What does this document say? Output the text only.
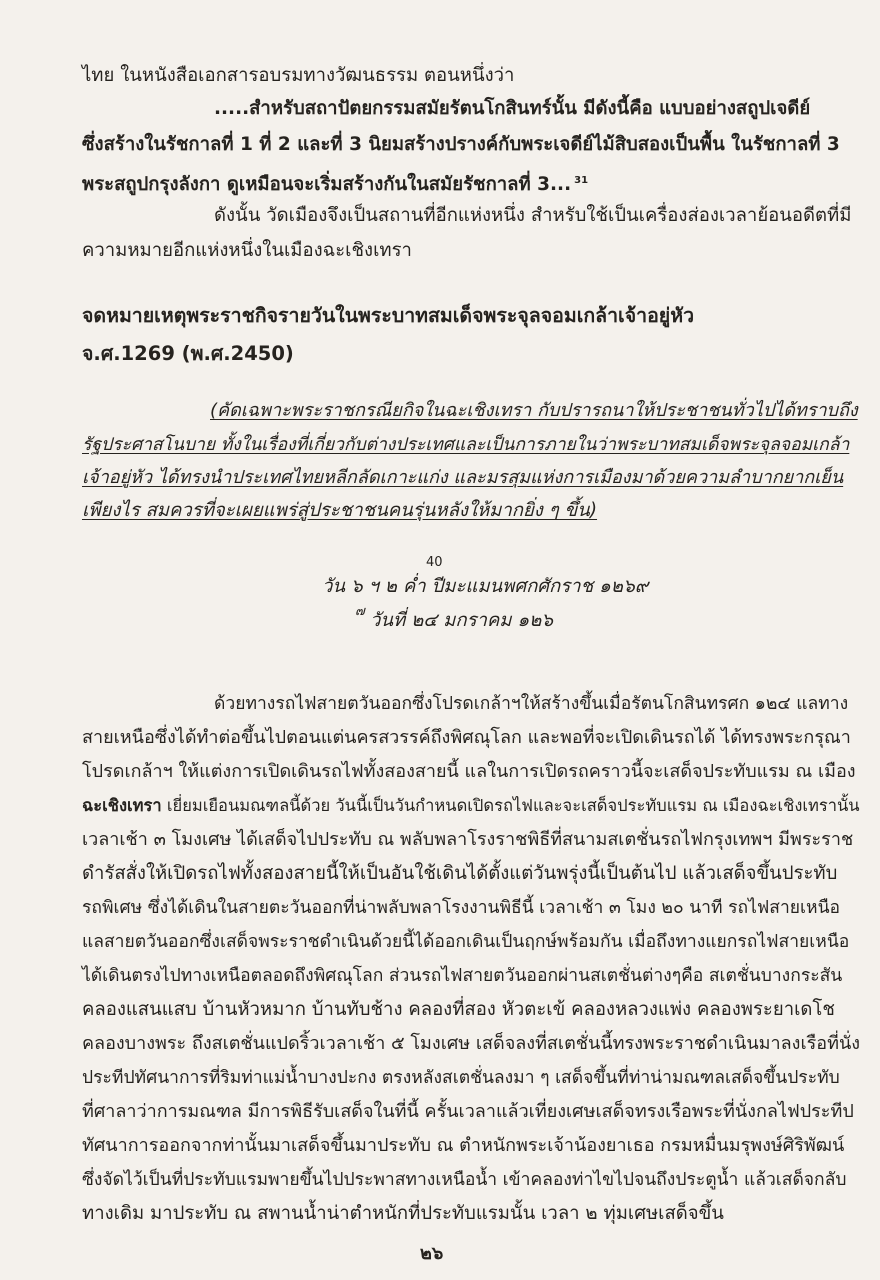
ไทย ในหนังสือเอกสารอบรมทางวัฒนธรรม ตอนหนึ่งว่า
.....สำหรับสถาปัตยกรรมสมัยรัตนโกสินทร์นั้น มีดังนี้คือ แบบอย่างสถูปเจดีย์
ซึ่งสร้างในรัชกาลที่ 1 ที่ 2 และที่ 3 นิยมสร้างปรางค์กับพระเจดีย์ไม้สิบสองเป็นพื้น ในรัชกาลที่ 3
พระสถูปกรุงลังกา ดูเหมือนจะเริ่มสร้างกันในสมัยรัชกาลที่ 3... $^{31}$
ดังนั้น วัดเมืองจึงเป็นสถานที่อีกแห่งหนึ่ง สำหรับใช้เป็นเครื่องส่องเวลาย้อนอดีตที่มี
ความหมายอีกแห่งหนึ่งในเมืองฉะเชิงเทรา
จดหมายเหตุพระราชกิจรายวันในพระบาทสมเด็จพระจุลจอมเกล้าเจ้าอยู่หัว
จ.ศ.1269 (พ.ศ.2450)
(คัดเฉพาะพระราชกรณียกิจในฉะเชิงเทรา กับปรารถนาให้ประชาชนทั่วไปได้ทราบถึง
รัฐประศาสโนบาย ทั้งในเรื่องที่เกี่ยวกับต่างประเทศและเป็นการภายในว่าพระบาทสมเด็จพระจุลจอมเกล้า
เจ้าอยู่หัว ได้ทรงนำประเทศไทยหลีกลัดเกาะแก่ง และมรสุมแห่งการเมืองมาด้วยความลำบากยากเย็น
เพียงไร สมควรที่จะเผยแพร่สู่ประชาชนคนรุ่นหลังให้มากยิ่ง ๆ ขึ้น)
40
วัน ๖ ฯ ๒ ค่ำ ปีมะแมนพศกศักราช ๑๒๖๙
๗ วันที่ ๒๔ มกราคม ๑๒๖
ด้วยทางรถไฟสายตวันออกซึ่งโปรดเกล้าฯให้สร้างขึ้นเมื่อรัตนโกสินทรศก ๑๒๔ แลทาง
สายเหนือซึ่งได้ทำต่อขึ้นไปตอนแต่นครสวรรค์ถึงพิศณุโลก และพอที่จะเปิดเดินรถได้ ได้ทรงพระกรุณา
โปรดเกล้าฯ ให้แต่งการเปิดเดินรถไฟทั้งสองสายนี้ แลในการเปิดรถคราวนี้จะเสด็จประทับแรม ณ เมือง
ฉะเชิงเทรา เยี่ยมเยือนมณฑลนี้ด้วย วันนี้เป็นวันกำหนดเปิดรถไฟและจะเสด็จประทับแรม ณ เมืองฉะเชิงเทรานั้น
เวลาเช้า ๓ โมงเศษ ได้เสด็จไปประทับ ณ พลับพลาโรงราชพิธีที่สนามสเตชั่นรถไฟกรุงเทพฯ มีพระราช
ดำรัสสั่งให้เปิดรถไฟทั้งสองสายนี้ให้เป็นอันใช้เดินได้ตั้งแต่วันพรุ่งนี้เป็นต้นไป แล้วเสด็จขึ้นประทับ
รถพิเศษ ซึ่งได้เดินในสายตะวันออกที่น่าพลับพลาโรงงานพิธีนี้ เวลาเช้า ๓ โมง ๒๐ นาที รถไฟสายเหนือ
แลสายตวันออกซึ่งเสด็จพระราชดำเนินด้วยนี้ได้ออกเดินเป็นฤกษ์พร้อมกัน เมื่อถึงทางแยกรถไฟสายเหนือ
ได้เดินตรงไปทางเหนือตลอดถึงพิศณุโลก ส่วนรถไฟสายตวันออกผ่านสเตชั่นต่างๆคือ สเตชั่นบางกระสัน
คลองแสนแสบ บ้านหัวหมาก บ้านทับช้าง คลองที่สอง หัวตะเข้ คลองหลวงแพ่ง คลองพระยาเดโช
คลองบางพระ ถึงสเตชั่นแปดริ้วเวลาเช้า ๕ โมงเศษ เสด็จลงที่สเตชั่นนี้ทรงพระราชดำเนินมาลงเรือที่นั่ง
ประทีปทัศนาการที่ริมท่าแม่น้ำบางปะกง ตรงหลังสเตชั่นลงมา ๆ เสด็จขึ้นที่ท่าน่ามณฑลเสด็จขึ้นประทับ
ที่ศาลาว่าการมณฑล มีการพิธีรับเสด็จในที่นี้ ครั้นเวลาแล้วเที่ยงเศษเสด็จทรงเรือพระที่นั่งกลไฟประทีป
ทัศนาการออกจากท่านั้นมาเสด็จขึ้นมาประทับ ณ ตำหนักพระเจ้าน้องยาเธอ กรมหมื่นมรุพงษ์ศิริพัฒน์
ซึ่งจัดไว้เป็นที่ประทับแรมพายขึ้นไปประพาสทางเหนือน้ำ เข้าคลองท่าไขไปจนถึงประตูน้ำ แล้วเสด็จกลับ
ทางเดิม มาประทับ ณ สพานน้ำน่าตำหนักที่ประทับแรมนั้น เวลา ๒ ทุ่มเศษเสด็จขึ้น
๒๖
